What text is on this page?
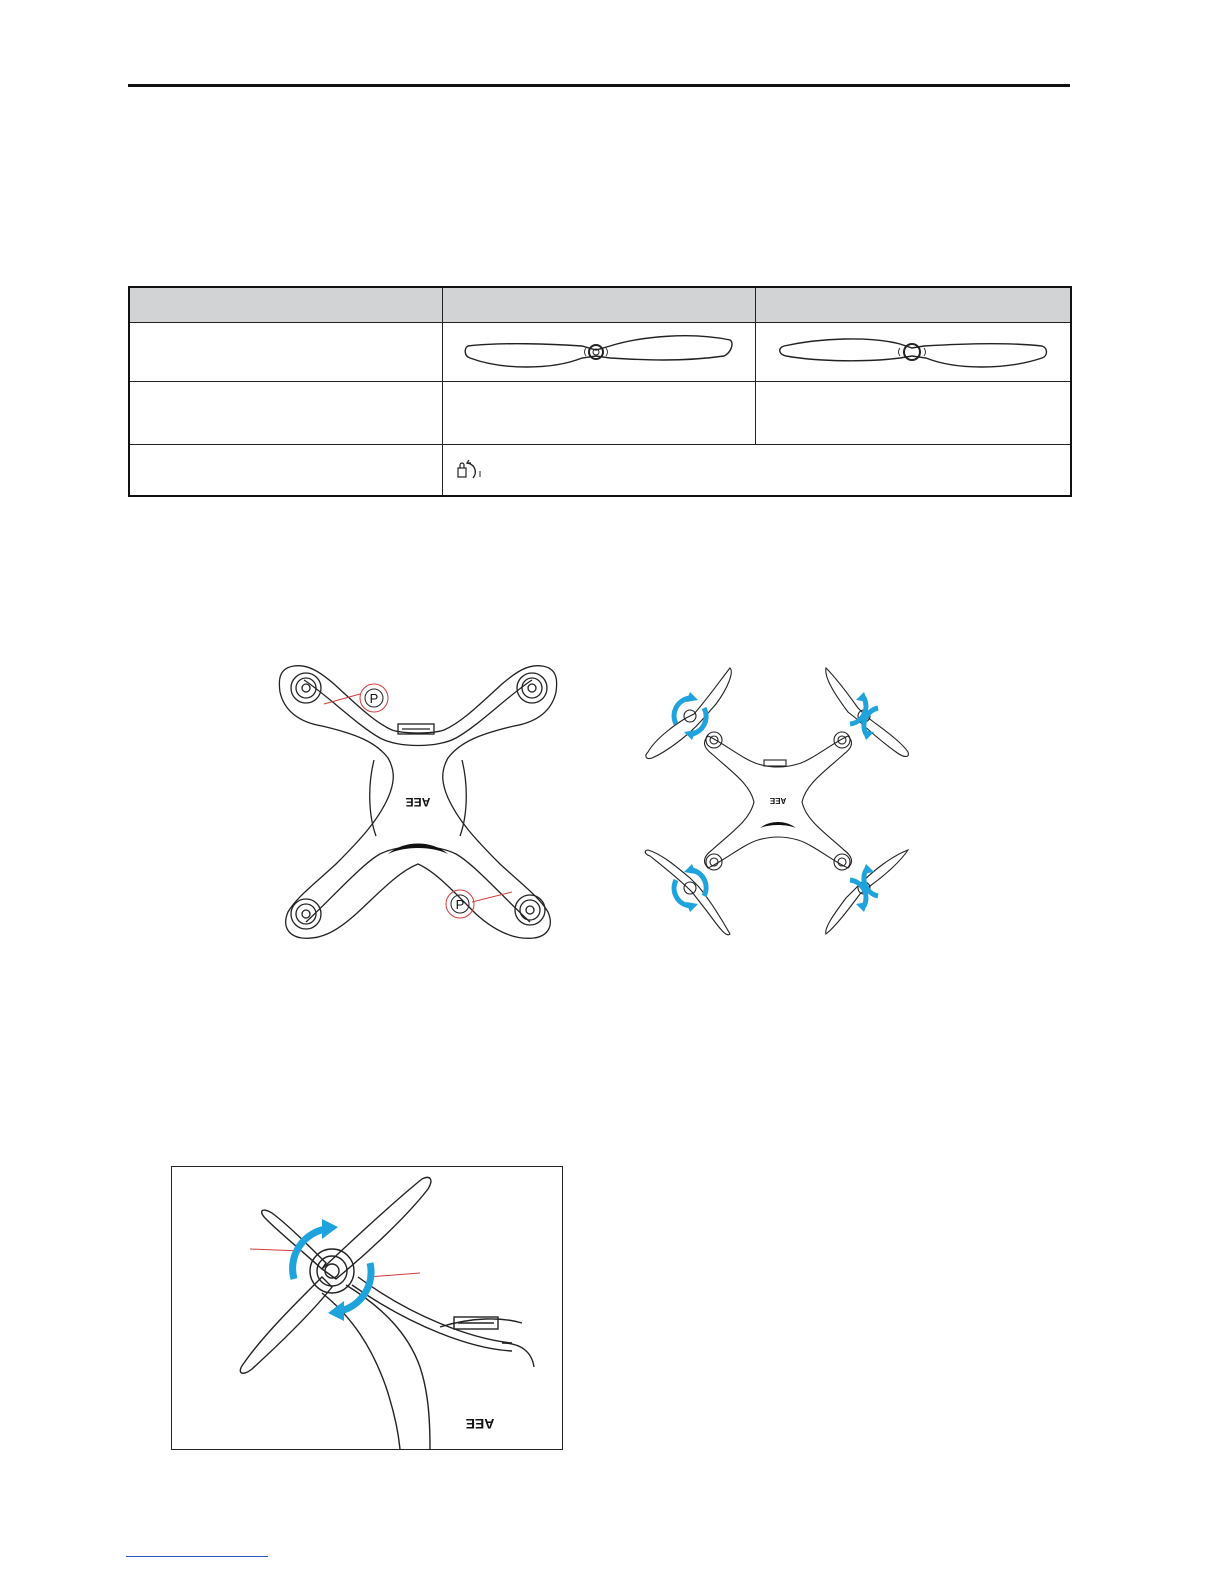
AEE
P
P
AEE
AEE
